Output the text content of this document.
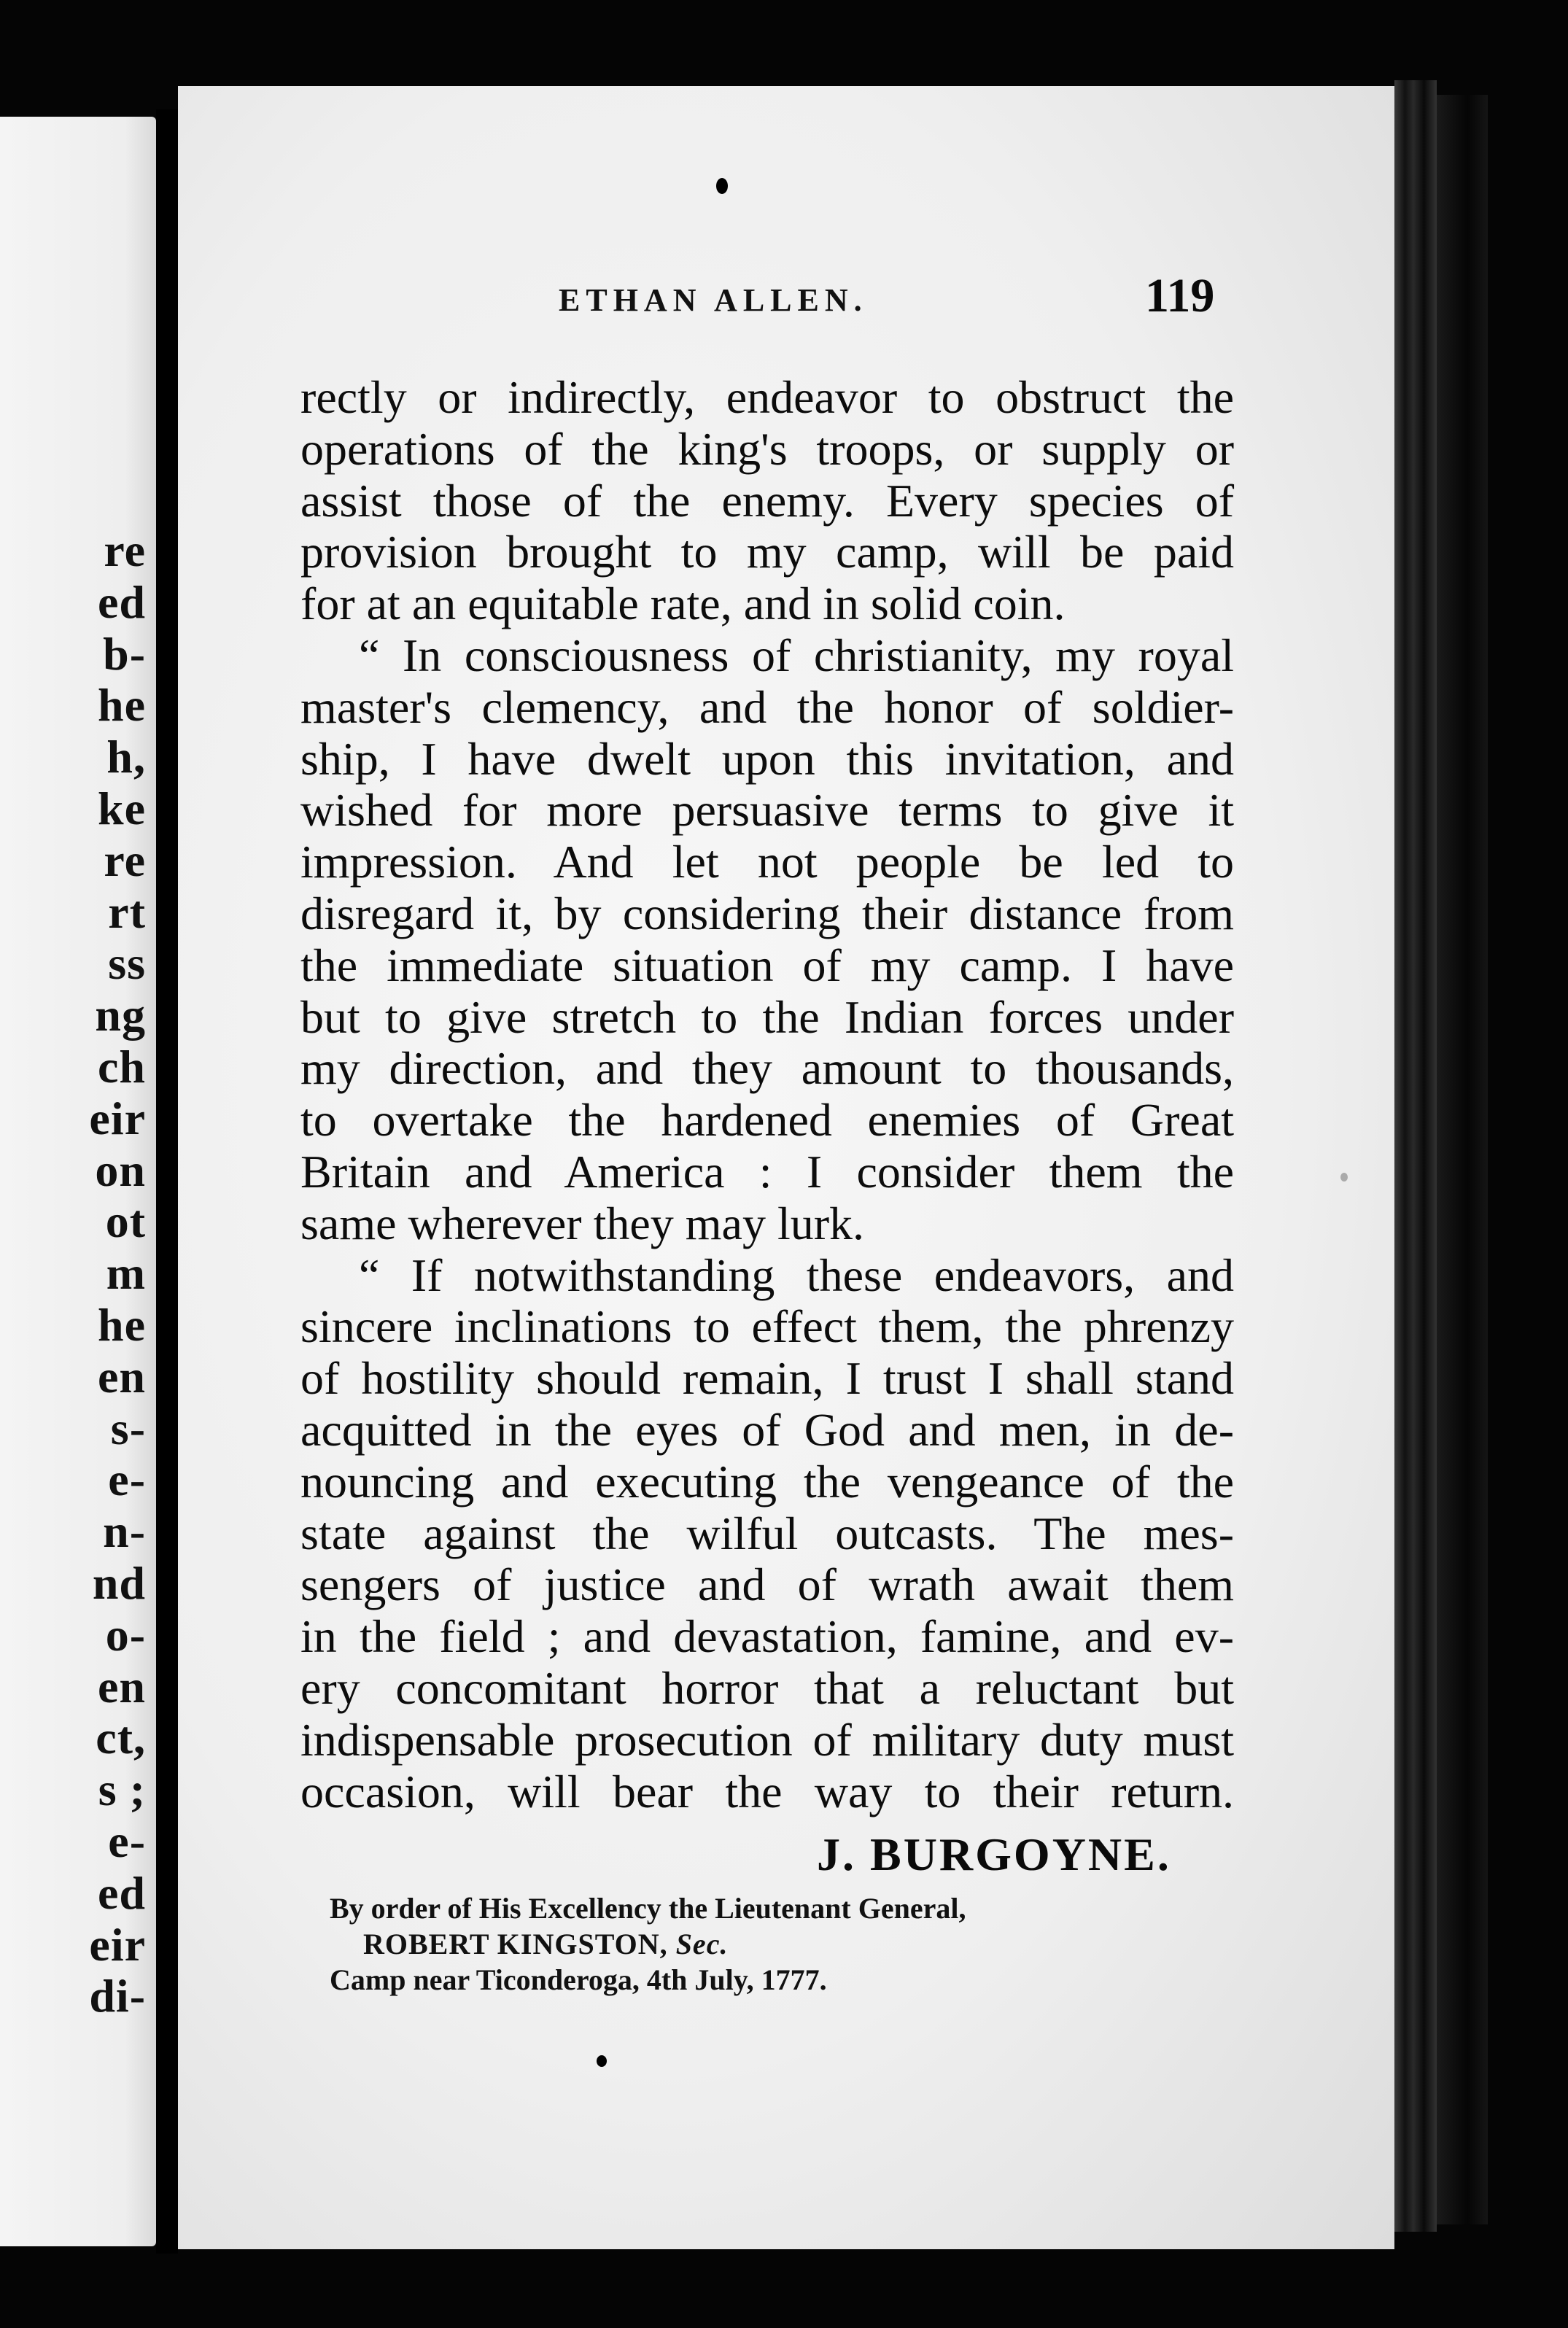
re
ed
b-
he
h,
ke
re
rt
ss
ng
ch
eir
on
ot
m
he
en
s-
e-
n-
nd
o-
en
ct,
s ;
e-
ed
eir
di-
ETHAN ALLEN.	119
rectly or indirectly, endeavor to obstruct the
operations of the king's troops, or supply or
assist those of the enemy. Every species of
provision brought to my camp, will be paid
for at an equitable rate, and in solid coin.
“ In consciousness of christianity, my royal
master's clemency, and the honor of soldier-
ship, I have dwelt upon this invitation, and
wished for more persuasive terms to give it
impression. And let not people be led to
disregard it, by considering their distance from
the immediate situation of my camp. I have
but to give stretch to the Indian forces under
my direction, and they amount to thousands,
to overtake the hardened enemies of Great
Britain and America : I consider them the
same wherever they may lurk.
“ If notwithstanding these endeavors, and
sincere inclinations to effect them, the phrenzy
of hostility should remain, I trust I shall stand
acquitted in the eyes of God and men, in de-
nouncing and executing the vengeance of the
state against the wilful outcasts. The mes-
sengers of justice and of wrath await them
in the field ; and devastation, famine, and ev-
ery concomitant horror that a reluctant but
indispensable prosecution of military duty must
occasion, will bear the way to their return.
J. BURGOYNE.
By order of His Excellency the Lieutenant General,
ROBERT KINGSTON, Sec.
Camp near Ticonderoga, 4th July, 1777.
